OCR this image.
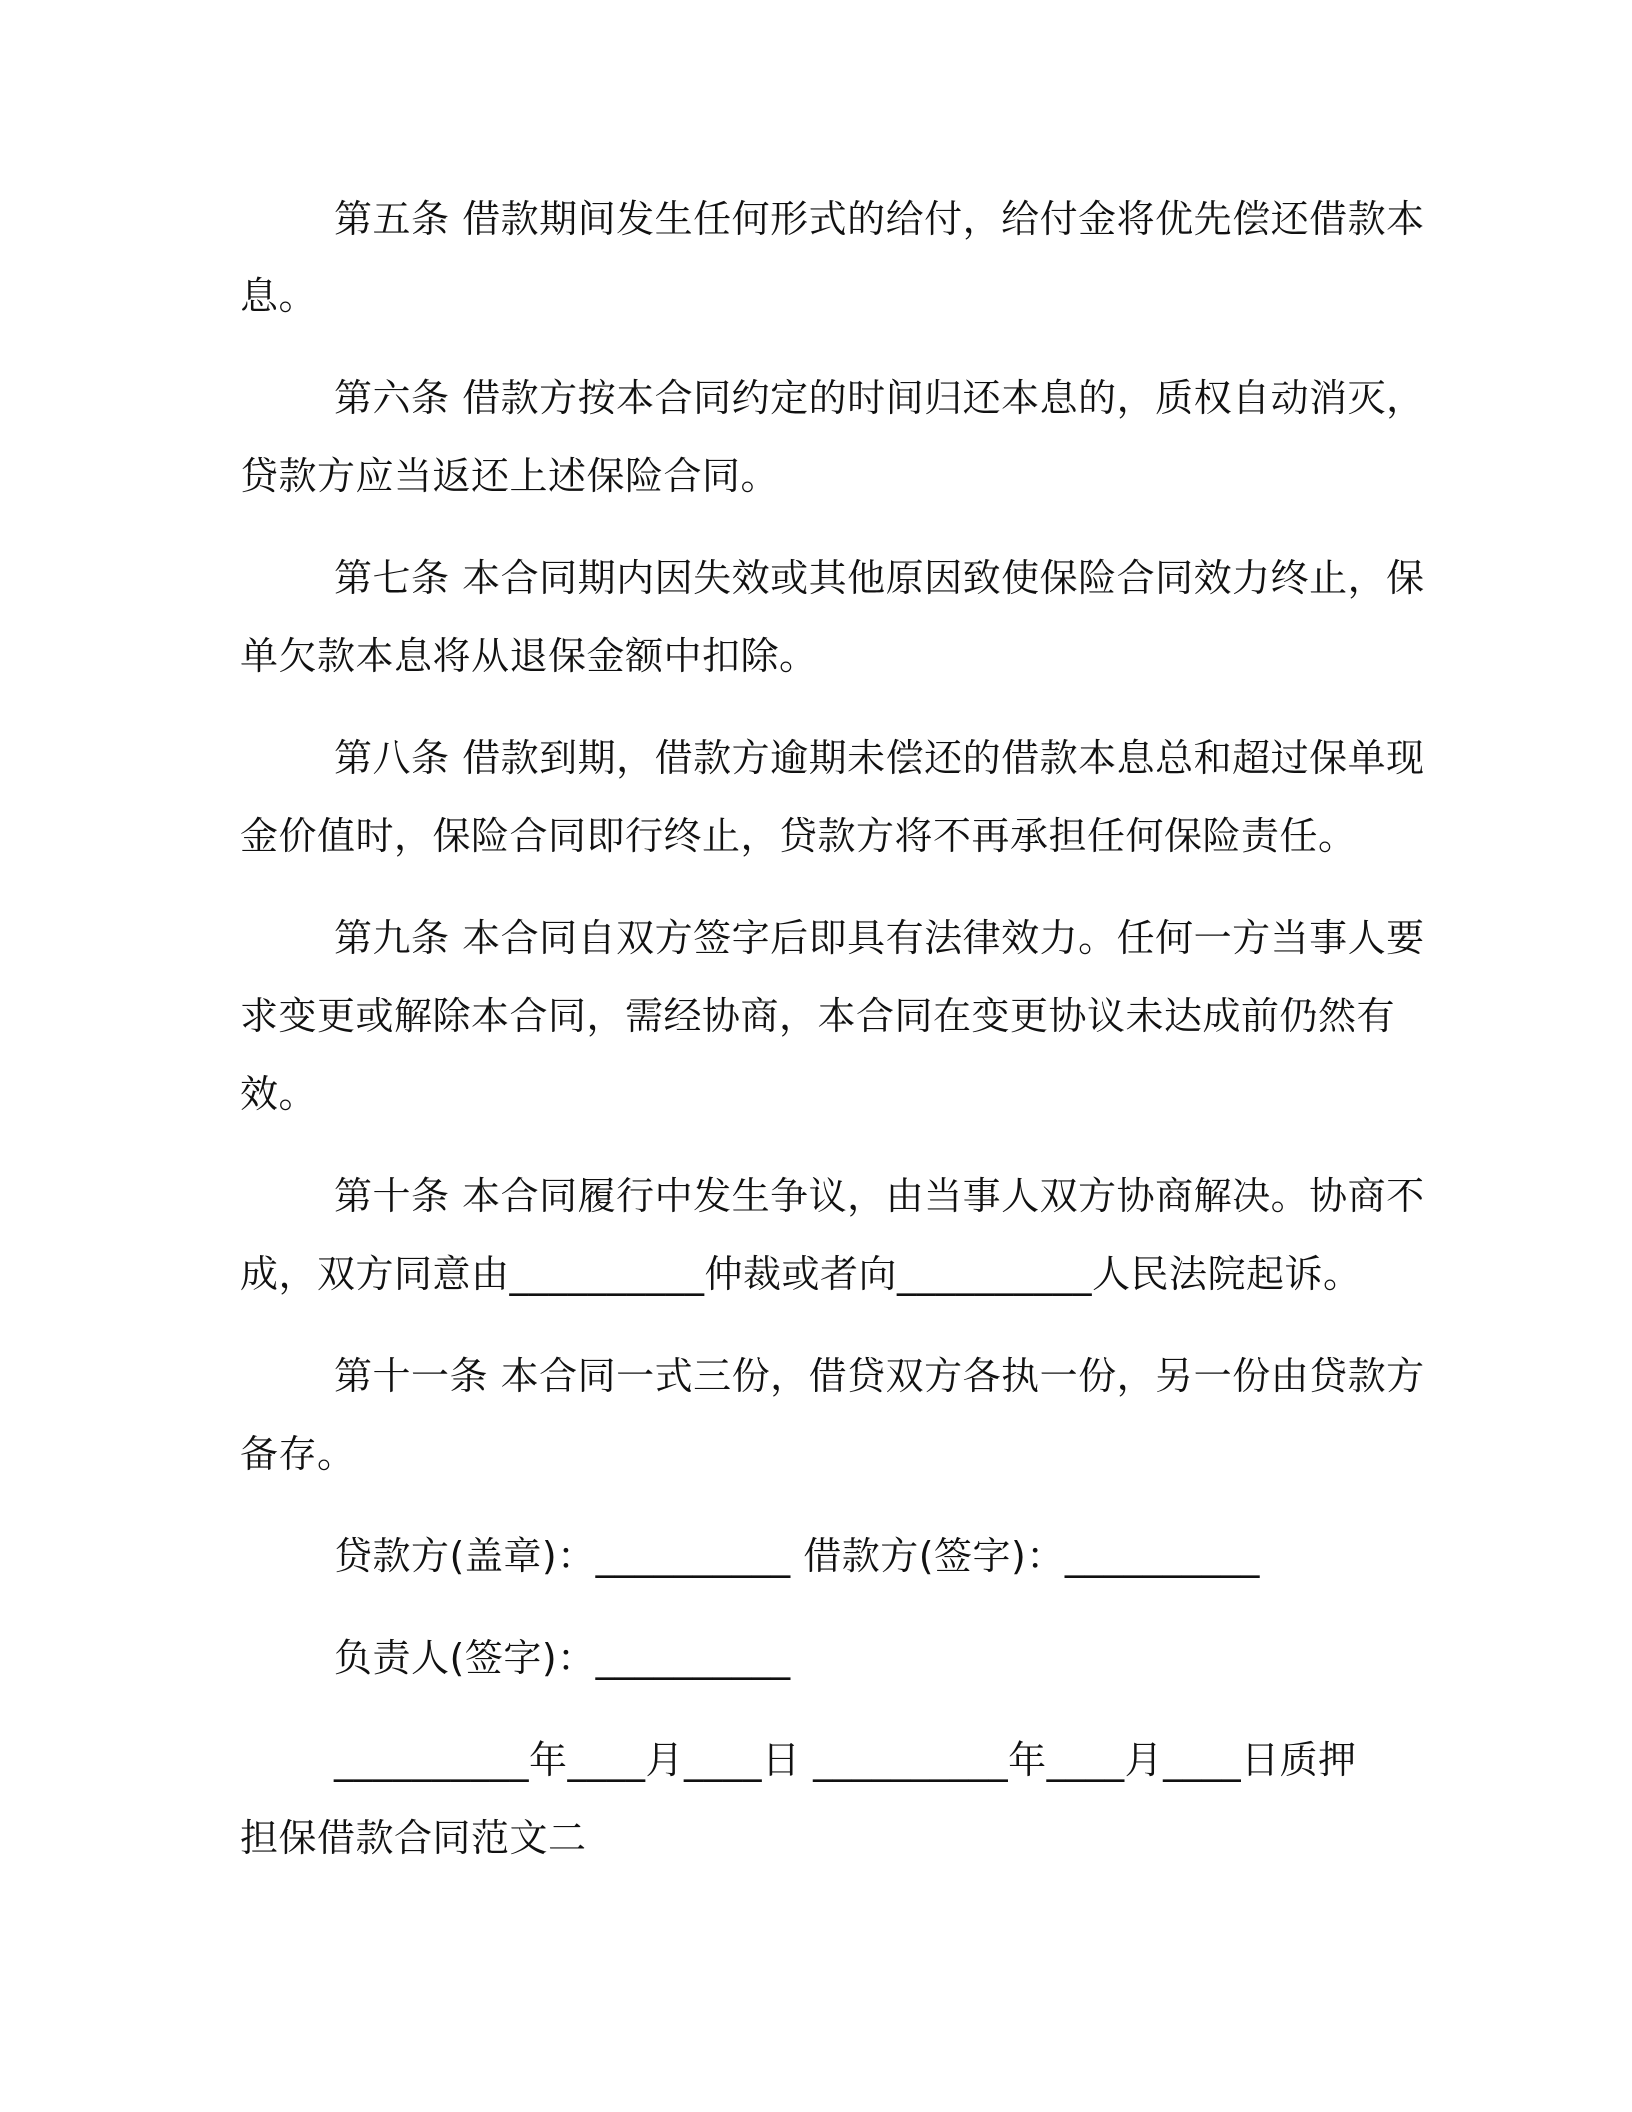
第五条 借款期间发生任何形式的给付，给付金将优先偿还借款本
息。
第六条 借款方按本合同约定的时间归还本息的，质权自动消灭，
贷款方应当返还上述保险合同。
第七条 本合同期内因失效或其他原因致使保险合同效力终止，保
单欠款本息将从退保金额中扣除。
第八条 借款到期，借款方逾期未偿还的借款本息总和超过保单现
金价值时，保险合同即行终止，贷款方将不再承担任何保险责任。
第九条 本合同自双方签字后即具有法律效力。任何一方当事人要
求变更或解除本合同，需经协商，本合同在变更协议未达成前仍然有
效。
第十条 本合同履行中发生争议，由当事人双方协商解决。协商不
成，双方同意由__________仲裁或者向__________人民法院起诉。
第十一条 本合同一式三份，借贷双方各执一份，另一份由贷款方
备存。
贷款方(盖章)：__________ 借款方(签字)：__________
负责人(签字)：__________
__________年____月____日 __________年____月____日质押
担保借款合同范文二
